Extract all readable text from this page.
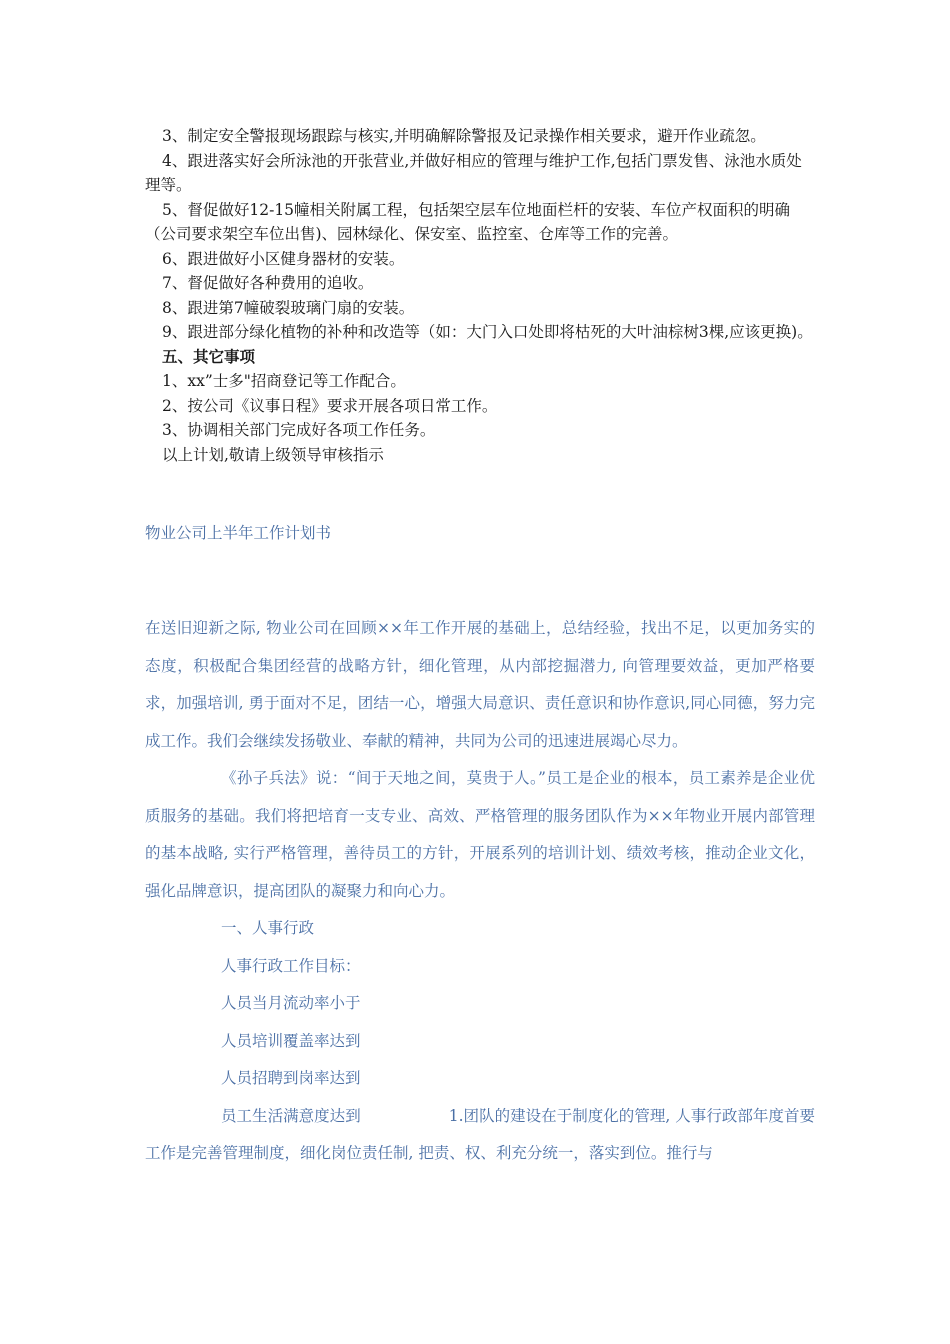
3、制定安全警报现场跟踪与核实,并明确解除警报及记录操作相关要求，避开作业疏忽。

4、跟进落实好会所泳池的开张营业,并做好相应的管理与维护工作,包括门票发售、泳池水质处理等。

5、督促做好12-15幢相关附属工程，包括架空层车位地面栏杆的安装、车位产权面积的明确（公司要求架空车位出售)、园林绿化、保安室、监控室、仓库等工作的完善。

6、跟进做好小区健身器材的安装。

7、督促做好各种费用的追收。

8、跟进第7幢破裂玻璃门扇的安装。

9、跟进部分绿化植物的补种和改造等（如：大门入口处即将枯死的大叶油棕树3棵,应该更换)。

五、其它事项

1、xx”士多"招商登记等工作配合。

2、按公司《议事日程》要求开展各项日常工作。

3、协调相关部门完成好各项工作任务。

以上计划,敬请上级领导审核指示

物业公司上半年工作计划书

在送旧迎新之际, 物业公司在回顾××年工作开展的基础上，总结经验，找出不足，以更加务实的态度，积极配合集团经营的战略方针，细化管理，从内部挖掘潜力, 向管理要效益，更加严格要求，加强培训, 勇于面对不足，团结一心，增强大局意识、责任意识和协作意识,同心同德，努力完成工作。我们会继续发扬敬业、奉献的精神，共同为公司的迅速进展竭心尽力。

《孙子兵法》说：“间于天地之间，莫贵于人。”员工是企业的根本，员工素养是企业优质服务的基础。我们将把培育一支专业、高效、严格管理的服务团队作为××年物业开展内部管理的基本战略, 实行严格管理，善待员工的方针，开展系列的培训计划、绩效考核，推动企业文化，强化品牌意识，提高团队的凝聚力和向心力。

一、人事行政

人事行政工作目标：

人员当月流动率小于

人员培训覆盖率达到

人员招聘到岗率达到

员工生活满意度达到	1.团队的建设在于制度化的管理, 人事行政部年度首要工作是完善管理制度，细化岗位责任制, 把责、权、利充分统一，落实到位。推行与
